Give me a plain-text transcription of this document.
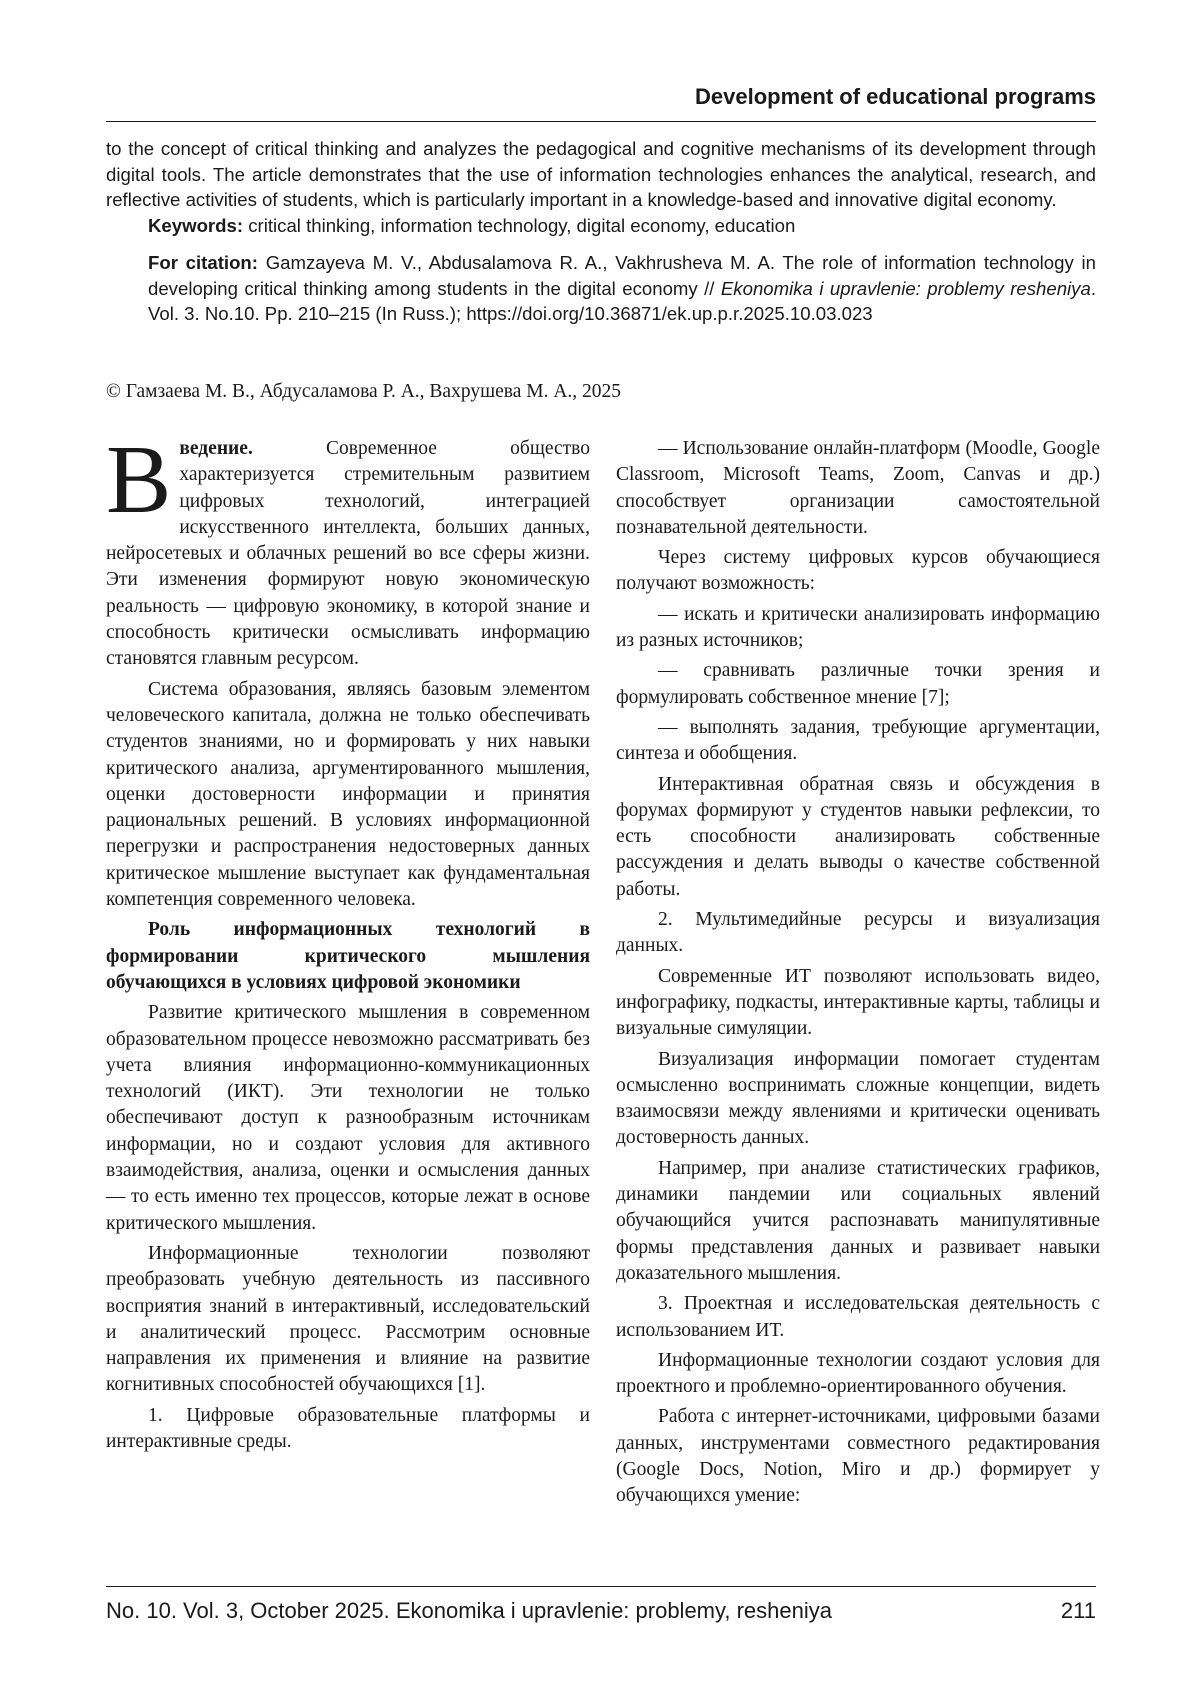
Development of educational programs

to the concept of critical thinking and analyzes the pedagogical and cognitive mechanisms of its development through digital tools. The article demonstrates that the use of information technologies enhances the analytical, research, and reflective activities of students, which is particularly important in a knowledge-based and innovative digital economy.

Keywords: critical thinking, information technology, digital economy, education

For citation: Gamzayeva M. V., Abdusalamova R. A., Vakhrusheva M. A. The role of information technology in developing critical thinking among students in the digital economy // Ekonomika i upravlenie: problemy resheniya. Vol. 3. No.10. Pp. 210–215 (In Russ.); https://doi.org/10.36871/ek.up.p.r.2025.10.03.023

© Гамзаева М. В., Абдусаламова Р. А., Вахрушева М. А., 2025

Введение. Современное общество характеризуется стремительным развитием цифровых технологий, интеграцией искусственного интеллекта, больших данных, нейросетевых и облачных решений во все сферы жизни. Эти изменения формируют новую экономическую реальность — цифровую экономику, в которой знание и способность критически осмысливать информацию становятся главным ресурсом.

Система образования, являясь базовым элементом человеческого капитала, должна не только обеспечивать студентов знаниями, но и формировать у них навыки критического анализа, аргументированного мышления, оценки достоверности информации и принятия рациональных решений. В условиях информационной перегрузки и распространения недостоверных данных критическое мышление выступает как фундаментальная компетенция современного человека.

Роль информационных технологий в формировании критического мышления обучающихся в условиях цифровой экономики

Развитие критического мышления в современном образовательном процессе невозможно рассматривать без учета влияния информационно-коммуникационных технологий (ИКТ). Эти технологии не только обеспечивают доступ к разнообразным источникам информации, но и создают условия для активного взаимодействия, анализа, оценки и осмысления данных — то есть именно тех процессов, которые лежат в основе критического мышления.

Информационные технологии позволяют преобразовать учебную деятельность из пассивного восприятия знаний в интерактивный, исследовательский и аналитический процесс. Рассмотрим основные направления их применения и влияние на развитие когнитивных способностей обучающихся [1].

1. Цифровые образовательные платформы и интерактивные среды.

— Использование онлайн-платформ (Moodle, Google Classroom, Microsoft Teams, Zoom, Canvas и др.) способствует организации самостоятельной познавательной деятельности.

Через систему цифровых курсов обучающиеся получают возможность:

— искать и критически анализировать информацию из разных источников;

— сравнивать различные точки зрения и формулировать собственное мнение [7];

— выполнять задания, требующие аргументации, синтеза и обобщения.

Интерактивная обратная связь и обсуждения в форумах формируют у студентов навыки рефлексии, то есть способности анализировать собственные рассуждения и делать выводы о качестве собственной работы.

2. Мультимедийные ресурсы и визуализация данных.

Современные ИТ позволяют использовать видео, инфографику, подкасты, интерактивные карты, таблицы и визуальные симуляции.

Визуализация информации помогает студентам осмысленно воспринимать сложные концепции, видеть взаимосвязи между явлениями и критически оценивать достоверность данных.

Например, при анализе статистических графиков, динамики пандемии или социальных явлений обучающийся учится распознавать манипулятивные формы представления данных и развивает навыки доказательного мышления.

3. Проектная и исследовательская деятельность с использованием ИТ.

Информационные технологии создают условия для проектного и проблемно-ориентированного обучения.

Работа с интернет-источниками, цифровыми базами данных, инструментами совместного редактирования (Google Docs, Notion, Miro и др.) формирует у обучающихся умение:

No. 10. Vol. 3, October 2025. Ekonomika i upravlenie: problemy, resheniya	211
